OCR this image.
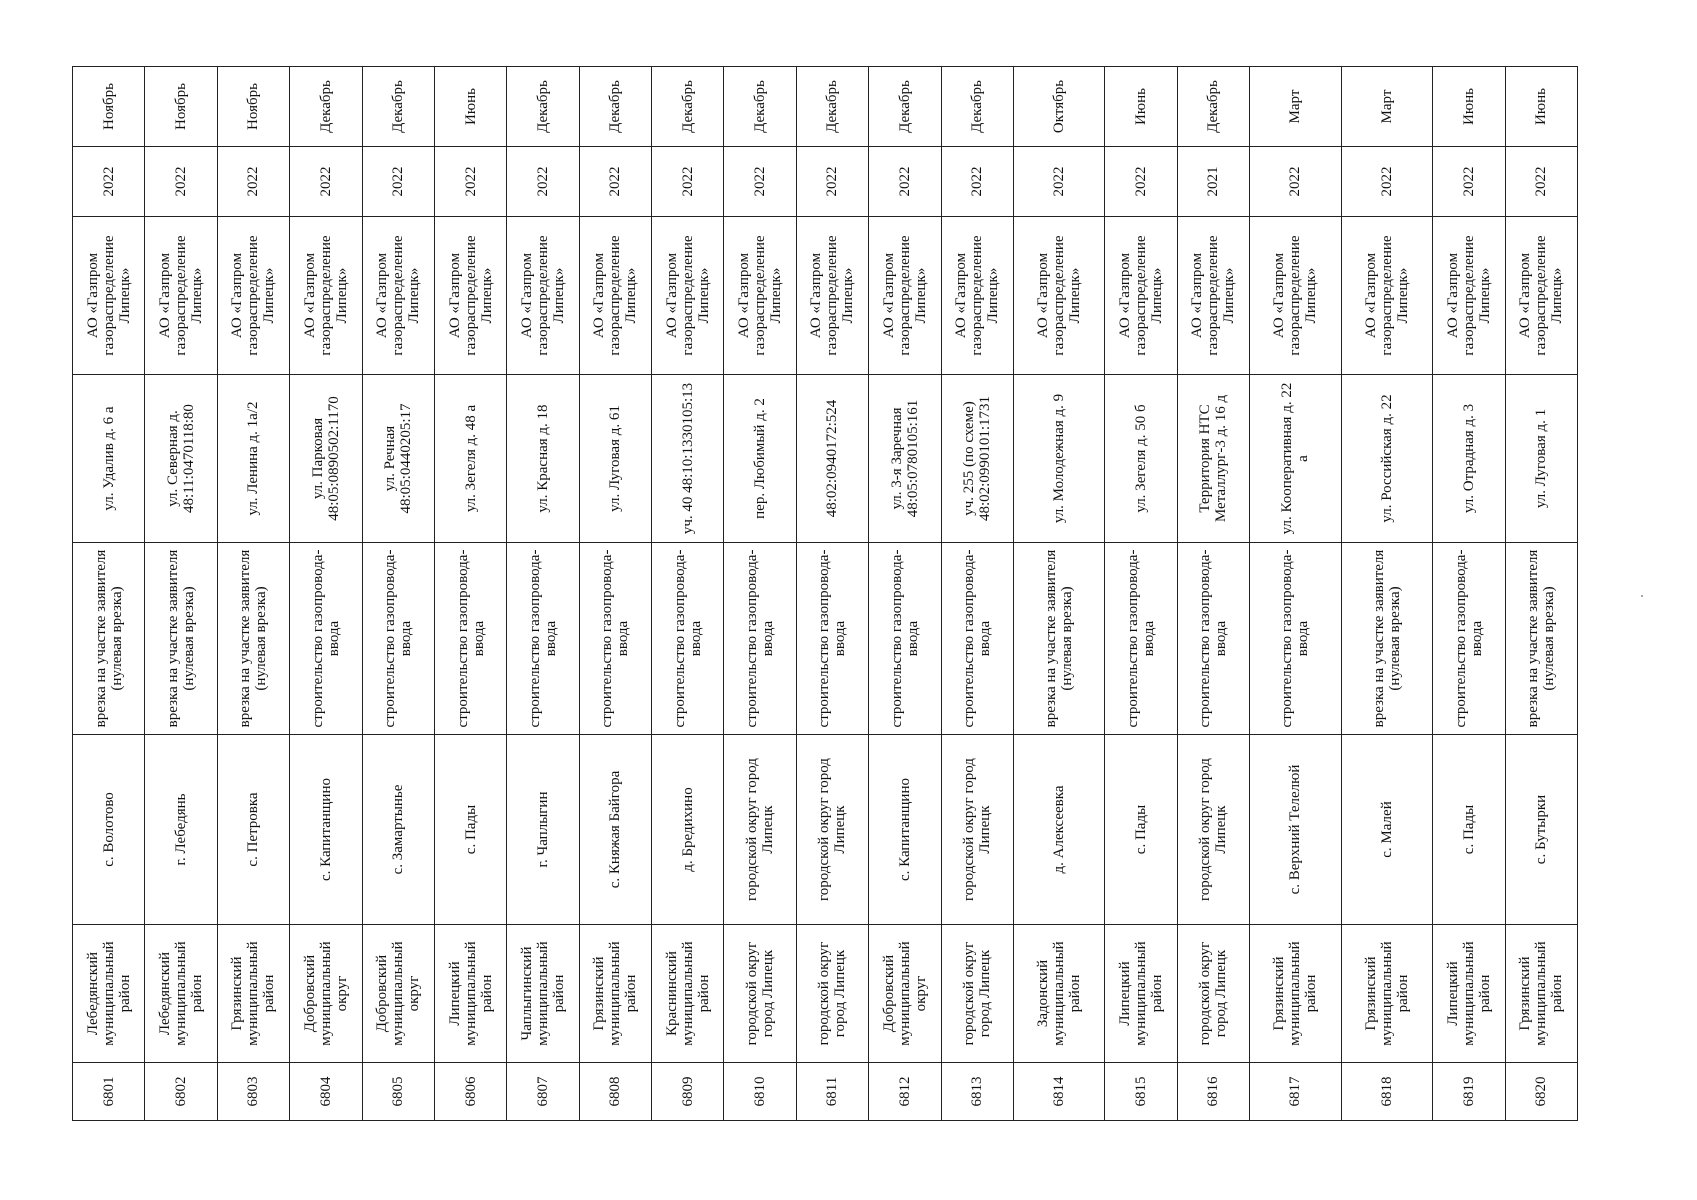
6801	Лебедянский муниципальный район	с. Волотово	врезка на участке заявителя (нулевая врезка)	ул. Удалив д. 6 а	АО «Газпром газораспределение Липецк»	2022	Ноябрь
6802	Лебедянский муниципальный район	г. Лебедянь	врезка на участке заявителя (нулевая врезка)	ул. Северная д. 48:11:0470118:80	АО «Газпром газораспределение Липецк»	2022	Ноябрь
6803	Грязинский муниципальный район	с. Петровка	врезка на участке заявителя (нулевая врезка)	ул. Ленина д. 1а/2	АО «Газпром газораспределение Липецк»	2022	Ноябрь
6804	Добровский муниципальный округ	с. Капитанщино	строительство газопровода-ввода	ул. Парковая 48:05:0890502:1170	АО «Газпром газораспределение Липецк»	2022	Декабрь
6805	Добровский муниципальный округ	с. Замартынье	строительство газопровода-ввода	ул. Речная 48:05:0440205:17	АО «Газпром газораспределение Липецк»	2022	Декабрь
6806	Липецкий муниципальный район	с. Пады	строительство газопровода-ввода	ул. Зегеля д. 48 а	АО «Газпром газораспределение Липецк»	2022	Июнь
6807	Чаплыгинский муниципальный район	г. Чаплыгин	строительство газопровода-ввода	ул. Красная д. 18	АО «Газпром газораспределение Липецк»	2022	Декабрь
6808	Грязинский муниципальный район	с. Княжая Байгора	строительство газопровода-ввода	ул. Луговая д. 61	АО «Газпром газораспределение Липецк»	2022	Декабрь
6809	Краснинский муниципальный район	д. Бредихино	строительство газопровода-ввода	уч. 40 48:10:1330105:13	АО «Газпром газораспределение Липецк»	2022	Декабрь
6810	городской округ город Липецк	городской округ город Липецк	строительство газопровода-ввода	пер. Любимый д. 2	АО «Газпром газораспределение Липецк»	2022	Декабрь
6811	городской округ город Липецк	городской округ город Липецк	строительство газопровода-ввода	48:02:0940172:524	АО «Газпром газораспределение Липецк»	2022	Декабрь
6812	Добровский муниципальный округ	с. Капитанщино	строительство газопровода-ввода	ул. 3-я Заречная 48:05:0780105:161	АО «Газпром газораспределение Липецк»	2022	Декабрь
6813	городской округ город Липецк	городской округ город Липецк	строительство газопровода-ввода	уч. 255 (по схеме) 48:02:0990101:1731	АО «Газпром газораспределение Липецк»	2022	Декабрь
6814	Задонский муниципальный район	д. Алексеевка	врезка на участке заявителя (нулевая врезка)	ул. Молодежная д. 9	АО «Газпром газораспределение Липецк»	2022	Октябрь
6815	Липецкий муниципальный район	с. Пады	строительство газопровода-ввода	ул. Зегеля д. 50 б	АО «Газпром газораспределение Липецк»	2022	Июнь
6816	городской округ город Липецк	городской округ город Липецк	строительство газопровода-ввода	Территория НТС Металлург-3 д. 16 д	АО «Газпром газораспределение Липецк»	2021	Декабрь
6817	Грязинский муниципальный район	с. Верхний Телелюй	строительство газопровода-ввода	ул. Кооперативная д. 22 а	АО «Газпром газораспределение Липецк»	2022	Март
6818	Грязинский муниципальный район	с. Малей	врезка на участке заявителя (нулевая врезка)	ул. Российская д. 22	АО «Газпром газораспределение Липецк»	2022	Март
6819	Липецкий муниципальный район	с. Пады	строительство газопровода-ввода	ул. Отрадная д. 3	АО «Газпром газораспределение Липецк»	2022	Июнь
6820	Грязинский муниципальный район	с. Бутырки	врезка на участке заявителя (нулевая врезка)	ул. Луговая д. 1	АО «Газпром газораспределение Липецк»	2022	Июнь
